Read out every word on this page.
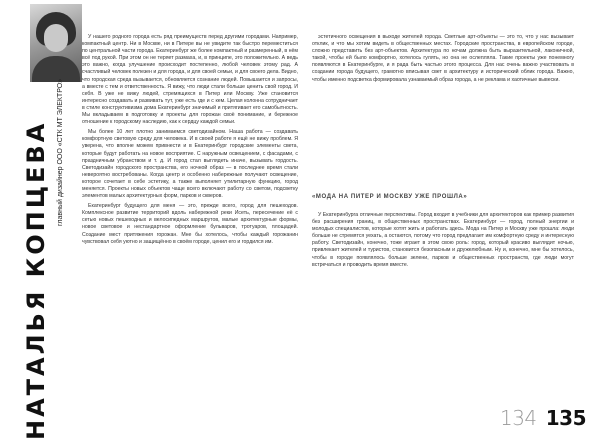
НАТАЛЬЯ КОПЦЕВА главный дизайнер ООО «СТК МТ ЭЛЕКТРО»

У нашего родного города есть ряд преимуществ перед другими городами. Например, компактный центр. Ни в Москве, ни в Питере вы не увидите так быстро переместиться по центральной части города. Екатеринбург же более компактный и размеренный, в нём всё под рукой. При этом он не теряет размаха, и, в принципе, это положительно. А ведь это важно, когда улучшение происходит постепенно, любой человек этому рад. А счастливый человек полезен и для города, и для своей семьи, и для своего дела. Видно, что городская среда вызывается, обновляется сознание людей. Повышается и запросы, а вместе с тем и ответственность. Я вижу, что люди стали больше ценить свой город. И себя. В уже не вижу людей, стремящихся в Питер или Москву. Уже становится интересно создавать и развивать тут, уже есть где и с кем. Целая колонна сотрудничает в стиле конструктивизма дома Екатеринбург значимый и притягивает его самобытность. Мы вкладываем в подготовку и проекты для горожан своё понимание, и бережное отношение к городскому наследию, как к сердцу каждой семьи.

Мы более 10 лет плотно занимаемся светодизайном. Наша работа — создавать комфортную световую среду для человека. И в своей работе я ещё не вижу проблем. Я уверена, что вполне можем привнести и в Екатеринбург городские элементы света, которые будут работать на новое восприятие. С наружным освещением, с фасадами, с праздничным убранством и т. д. И город стал выглядеть иначе, вызывать гордость. Светодизайн городского пространства, его ночной образ — в последнее время стали невероятно востребованы. Когда центр и особенно набережные получают освещение, которое сочетает в себе эстетику, а также выполняет утилитарную функцию, город меняется. Проекты новых объектов чаще всего включают работу со светом, подсветку элементов малых архитектурных форм, парков и скверов.

Екатеринбург будущего для меня — это, прежде всего, город для пешеходов. Комплексное развитие территорий вдоль набережной реки Исеть, пересечение её с сетью новых пешеходных и велосипедных маршрутов, малые архитектурные формы, новое световое и нестандартное оформление бульваров, тротуаров, площадей. Создание мест притяжения горожан. Мне бы хотелось, чтобы каждый горожанин чувствовал себя уютно и защищённо в своём городе, ценил его и гордился им.

эстетичного освещения в выходе жителей города. Светлые арт-объекты — это то, что у нас вызывает отклик, и что мы хотим видеть в общественных местах. Городские пространства, в европейском городе, сложно представить без арт-объектов. Архитектура по ночам должна быть выразительной, лаконичной, такой, чтобы ей было комфортно, хотелось гулять, но она не ослепляла. Такие проекты уже понемногу появляются в Екатеринбурге, и я рада быть частью этого процесса. Для нас очень важно участвовать в создании города будущего, грамотно вписывая свет в архитектуру и исторический облик города. Важно, чтобы именно подсветка формировала узнаваемый образ города, а не реклама и хаотичные вывески.

«МОДА НА ПИТЕР И МОСКВУ УЖЕ ПРОШЛА»

У Екатеринбурга отличные перспективы. Город входит в учебники для архитекторов как пример развития без расширения границ, в общественных пространствах. Екатеринбург — город, полный энергии и молодых специалистов, которые хотят жить и работать здесь. Мода на Питер и Москву уже прошла: люди больше не стремятся уехать, а остаются, потому что город предлагает им комфортную среду и интересную работу. Светодизайн, конечно, тоже играет в этом свою роль: город, который красиво выглядит ночью, привлекает жителей и туристов, становится безопасным и дружелюбным. Ну и, конечно, мне бы хотелось, чтобы в городе появлялось больше зелени, парков и общественных пространств, где люди могут встречаться и проводить время вместе.

134 135
